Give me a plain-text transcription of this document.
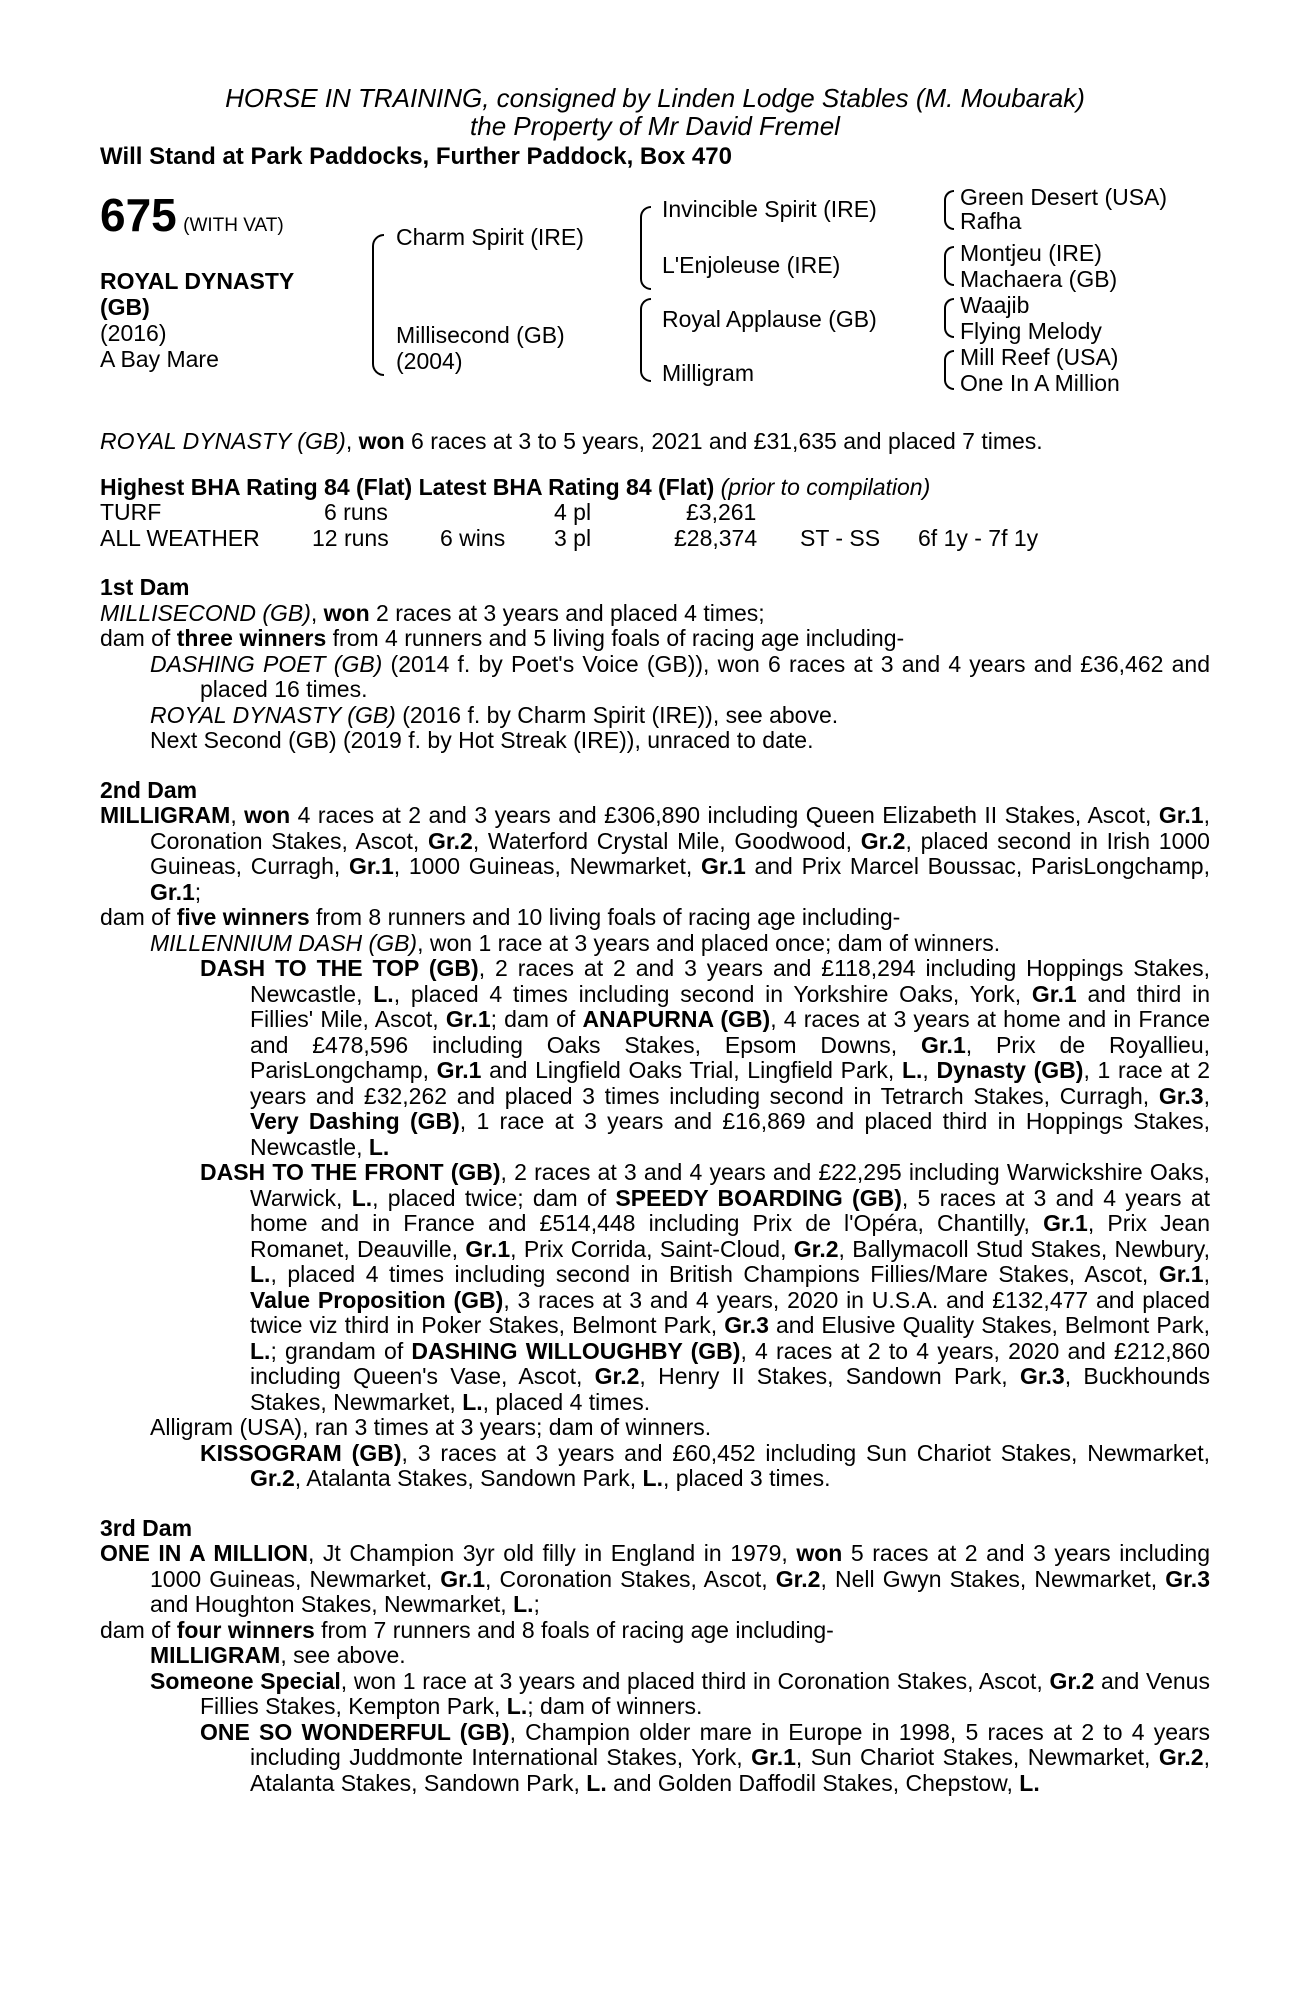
HORSE IN TRAINING, consigned by Linden Lodge Stables (M. Moubarak)
the Property of Mr David Fremel
Will Stand at Park Paddocks, Further Paddock, Box 470
675 (WITH VAT)
ROYAL DYNASTY
(GB)
(2016)
A Bay Mare
Charm Spirit (IRE)
Millisecond (GB)
(2004)
Invincible Spirit (IRE)
L'Enjoleuse (IRE)
Royal Applause (GB)
Milligram
Green Desert (USA)
Rafha
Montjeu (IRE)
Machaera (GB)
Waajib
Flying Melody
Mill Reef (USA)
One In A Million

ROYAL DYNASTY (GB), won 6 races at 3 to 5 years, 2021 and £31,635 and placed 7 times.

Highest BHA Rating 84 (Flat) Latest BHA Rating 84 (Flat) (prior to compilation)

TURF	6 runs	4 pl	£3,261
ALL WEATHER 12 runs 6 wins 3 pl	£28,374 ST - SS 6f 1y - 7f 1y

1st Dam

MILLISECOND (GB), won 2 races at 3 years and placed 4 times;

dam of three winners from 4 runners and 5 living foals of racing age including-

DASHING POET (GB) (2014 f. by Poet's Voice (GB)), won 6 races at 3 and 4 years and £36,462 and placed 16 times.

ROYAL DYNASTY (GB) (2016 f. by Charm Spirit (IRE)), see above.

Next Second (GB) (2019 f. by Hot Streak (IRE)), unraced to date.

2nd Dam

MILLIGRAM, won 4 races at 2 and 3 years and £306,890 including Queen Elizabeth II Stakes, Ascot, Gr.1, Coronation Stakes, Ascot, Gr.2, Waterford Crystal Mile, Goodwood, Gr.2, placed second in Irish 1000 Guineas, Curragh, Gr.1, 1000 Guineas, Newmarket, Gr.1 and Prix Marcel Boussac, ParisLongchamp, Gr.1;

dam of five winners from 8 runners and 10 living foals of racing age including-

MILLENNIUM DASH (GB), won 1 race at 3 years and placed once; dam of winners.

DASH TO THE TOP (GB), 2 races at 2 and 3 years and £118,294 including Hoppings Stakes, Newcastle, L., placed 4 times including second in Yorkshire Oaks, York, Gr.1 and third in Fillies' Mile, Ascot, Gr.1; dam of ANAPURNA (GB), 4 races at 3 years at home and in France and £478,596 including Oaks Stakes, Epsom Downs, Gr.1, Prix de Royallieu, ParisLongchamp, Gr.1 and Lingfield Oaks Trial, Lingfield Park, L., Dynasty (GB), 1 race at 2 years and £32,262 and placed 3 times including second in Tetrarch Stakes, Curragh, Gr.3, Very Dashing (GB), 1 race at 3 years and £16,869 and placed third in Hoppings Stakes, Newcastle, L.

DASH TO THE FRONT (GB), 2 races at 3 and 4 years and £22,295 including Warwickshire Oaks, Warwick, L., placed twice; dam of SPEEDY BOARDING (GB), 5 races at 3 and 4 years at home and in France and £514,448 including Prix de l'Opéra, Chantilly, Gr.1, Prix Jean Romanet, Deauville, Gr.1, Prix Corrida, Saint-Cloud, Gr.2, Ballymacoll Stud Stakes, Newbury, L., placed 4 times including second in British Champions Fillies/Mare Stakes, Ascot, Gr.1, Value Proposition (GB), 3 races at 3 and 4 years, 2020 in U.S.A. and £132,477 and placed twice viz third in Poker Stakes, Belmont Park, Gr.3 and Elusive Quality Stakes, Belmont Park, L.; grandam of DASHING WILLOUGHBY (GB), 4 races at 2 to 4 years, 2020 and £212,860 including Queen's Vase, Ascot, Gr.2, Henry II Stakes, Sandown Park, Gr.3, Buckhounds Stakes, Newmarket, L., placed 4 times.

Alligram (USA), ran 3 times at 3 years; dam of winners.

KISSOGRAM (GB), 3 races at 3 years and £60,452 including Sun Chariot Stakes, Newmarket, Gr.2, Atalanta Stakes, Sandown Park, L., placed 3 times.

3rd Dam

ONE IN A MILLION, Jt Champion 3yr old filly in England in 1979, won 5 races at 2 and 3 years including 1000 Guineas, Newmarket, Gr.1, Coronation Stakes, Ascot, Gr.2, Nell Gwyn Stakes, Newmarket, Gr.3 and Houghton Stakes, Newmarket, L.;

dam of four winners from 7 runners and 8 foals of racing age including-

MILLIGRAM, see above.

Someone Special, won 1 race at 3 years and placed third in Coronation Stakes, Ascot, Gr.2 and Venus Fillies Stakes, Kempton Park, L.; dam of winners.

ONE SO WONDERFUL (GB), Champion older mare in Europe in 1998, 5 races at 2 to 4 years including Juddmonte International Stakes, York, Gr.1, Sun Chariot Stakes, Newmarket, Gr.2, Atalanta Stakes, Sandown Park, L. and Golden Daffodil Stakes, Chepstow, L.
